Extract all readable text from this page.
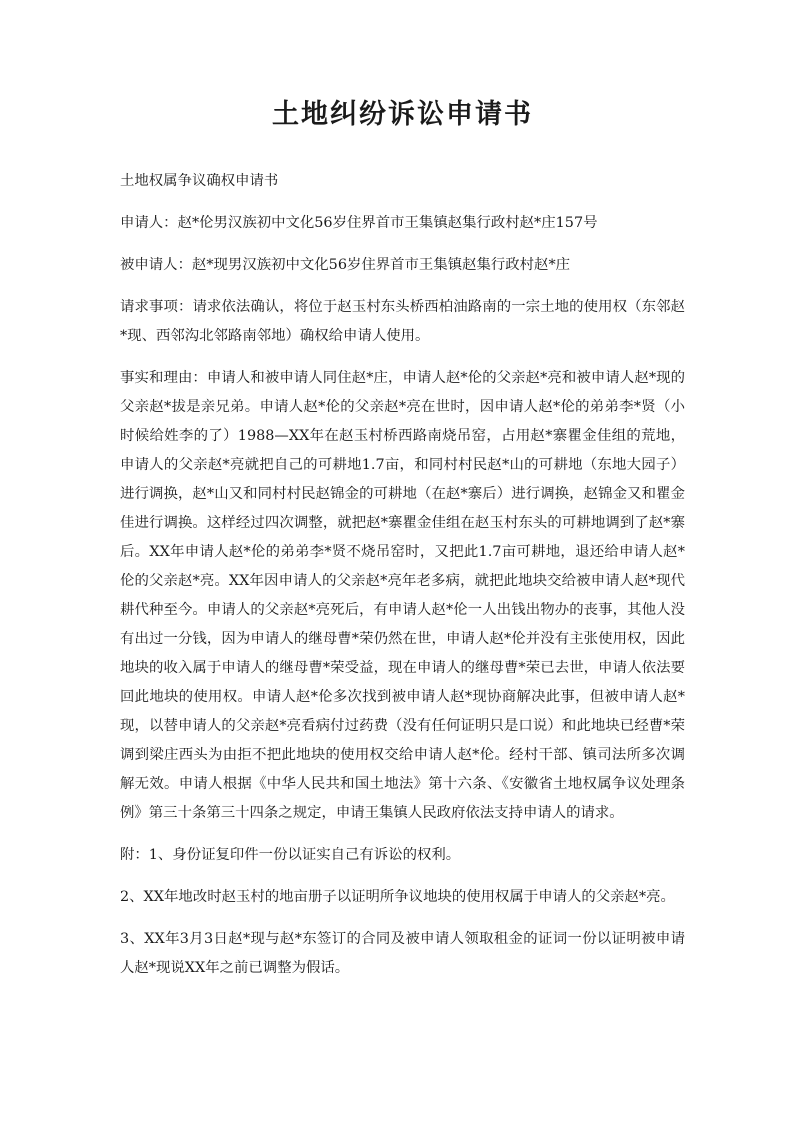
土地纠纷诉讼申请书

土地权属争议确权申请书

申请人：赵*伦男汉族初中文化56岁住界首市王集镇赵集行政村赵*庄157号

被申请人：赵*现男汉族初中文化56岁住界首市王集镇赵集行政村赵*庄

请求事项：请求依法确认，将位于赵玉村东头桥西柏油路南的一宗土地的使用权（东邻赵*现、西邻沟北邻路南邻地）确权给申请人使用。

事实和理由：申请人和被申请人同住赵*庄，申请人赵*伦的父亲赵*亮和被申请人赵*现的父亲赵*拔是亲兄弟。申请人赵*伦的父亲赵*亮在世时，因申请人赵*伦的弟弟李*贤（小时候给姓李的了）1988—XX年在赵玉村桥西路南烧吊窑，占用赵*寨瞿金佳组的荒地，申请人的父亲赵*亮就把自己的可耕地1.7亩，和同村村民赵*山的可耕地（东地大园子）进行调换，赵*山又和同村村民赵锦金的可耕地（在赵*寨后）进行调换，赵锦金又和瞿金佳进行调换。这样经过四次调整，就把赵*寨瞿金佳组在赵玉村东头的可耕地调到了赵*寨后。XX年申请人赵*伦的弟弟李*贤不烧吊窑时，又把此1.7亩可耕地，退还给申请人赵*伦的父亲赵*亮。XX年因申请人的父亲赵*亮年老多病，就把此地块交给被申请人赵*现代耕代种至今。申请人的父亲赵*亮死后，有申请人赵*伦一人出钱出物办的丧事，其他人没有出过一分钱，因为申请人的继母曹*荣仍然在世，申请人赵*伦并没有主张使用权，因此地块的收入属于申请人的继母曹*荣受益，现在申请人的继母曹*荣已去世，申请人依法要回此地块的使用权。申请人赵*伦多次找到被申请人赵*现协商解决此事，但被申请人赵*现，以替申请人的父亲赵*亮看病付过药费（没有任何证明只是口说）和此地块已经曹*荣调到梁庄西头为由拒不把此地块的使用权交给申请人赵*伦。经村干部、镇司法所多次调解无效。申请人根据《中华人民共和国土地法》第十六条、《安徽省土地权属争议处理条例》第三十条第三十四条之规定，申请王集镇人民政府依法支持申请人的请求。

附：1、身份证复印件一份以证实自己有诉讼的权利。

2、XX年地改时赵玉村的地亩册子以证明所争议地块的使用权属于申请人的父亲赵*亮。

3、XX年3月3日赵*现与赵*东签订的合同及被申请人领取租金的证词一份以证明被申请人赵*现说XX年之前已调整为假话。
